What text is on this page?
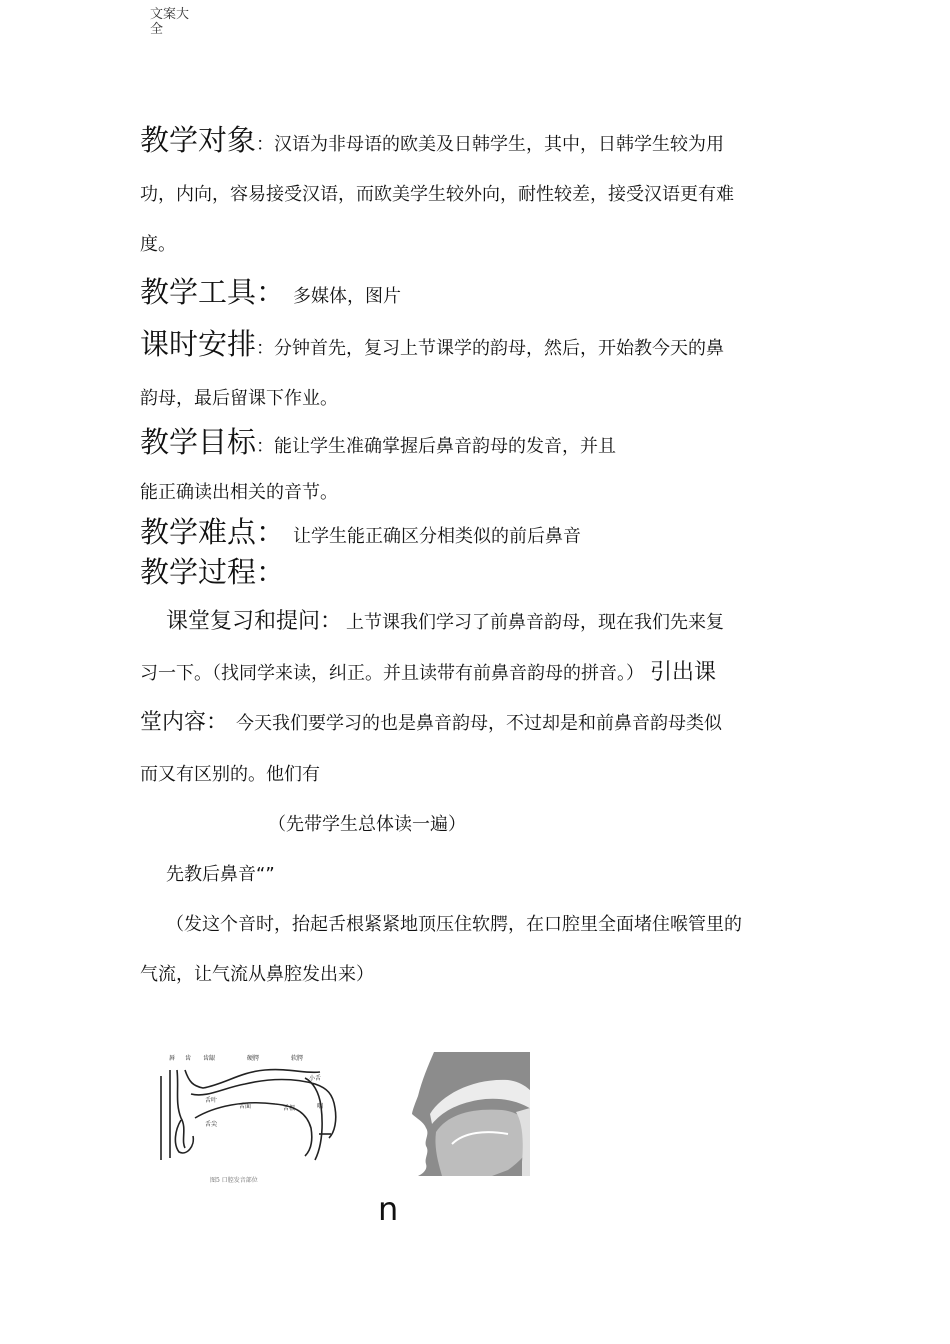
文案大
全
教学对象：汉语为非母语的欧美及日韩学生，其中，日韩学生较为用
功，内向，容易接受汉语，而欧美学生较外向，耐性较差，接受汉语更有难
度。
教学工具： 多媒体，图片
课时安排：分钟首先，复习上节课学的韵母，然后，开始教今天的鼻
韵母，最后留课下作业。
教学目标：能让学生准确掌握后鼻音韵母的发音，并且
能正确读出相关的音节。
教学难点： 让学生能正确区分相类似的前后鼻音
教学过程：
课堂复习和提问： 上节课我们学习了前鼻音韵母，现在我们先来复
习一下。（找同学来读，纠正。并且读带有前鼻音韵母的拼音。） 引出课
堂内容： 今天我们要学习的也是鼻音韵母，不过却是和前鼻音韵母类似
而又有区别的。他们有
（先带学生总体读一遍）
先教后鼻音“”
（发这个音时，抬起舌根紧紧地顶压住软腭，在口腔里全面堵住喉管里的
气流，让气流从鼻腔发出来）
唇 齿 齿龈	硬腭	软腭
小舌
舌叶
舌面	舌根	咽
舌尖
图5 口腔发音部位
n
